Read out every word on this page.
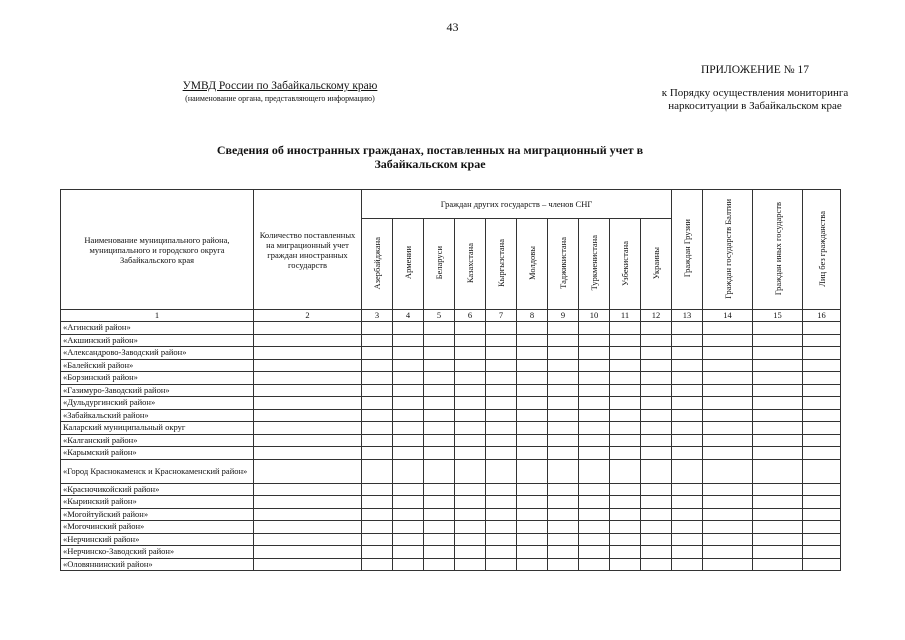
43
УМВД России по Забайкальскому краю
(наименование органа, представляющего информацию)
ПРИЛОЖЕНИЕ № 17
к Порядку осуществления мониторинга наркоситуации в Забайкальском крае
Сведения об иностранных гражданах, поставленных на миграционный учет в Забайкальском крае
Наименование муниципального района, муниципального и городского округа Забайкальского края	Количество поставленных на миграционный учет граждан иностранных государств	Граждан других государств – членов СНГ										Граждан Грузии	Граждан государств Балтии	Граждан иных государств	Лиц без гражданства
		Азербайджана	Армении	Беларуси	Казахстана	Кыргызстана	Молдовы	Таджикистана	Туркменистана	Узбекистана	Украины				
1	2	3	4	5	6	7	8	9	10	11	12	13	14	15	16
«Агинский район»															
«Акшинский район»															
«Александрово-Заводский район»															
«Балейский район»															
«Борзинский район»															
«Газимуро-Заводский район»															
«Дульдургинский район»															
«Забайкальский район»															
Каларский муниципальный округ															
«Калганский район»															
«Карымский район»															
«Город Краснокаменск и Краснокаменский район»															
«Красночикойский район»															
«Кыринский район»															
«Могойтуйский район»															
«Могочинский район»															
«Нерчинский район»															
«Нерчинско-Заводский район»															
«Оловяннинский район»															
